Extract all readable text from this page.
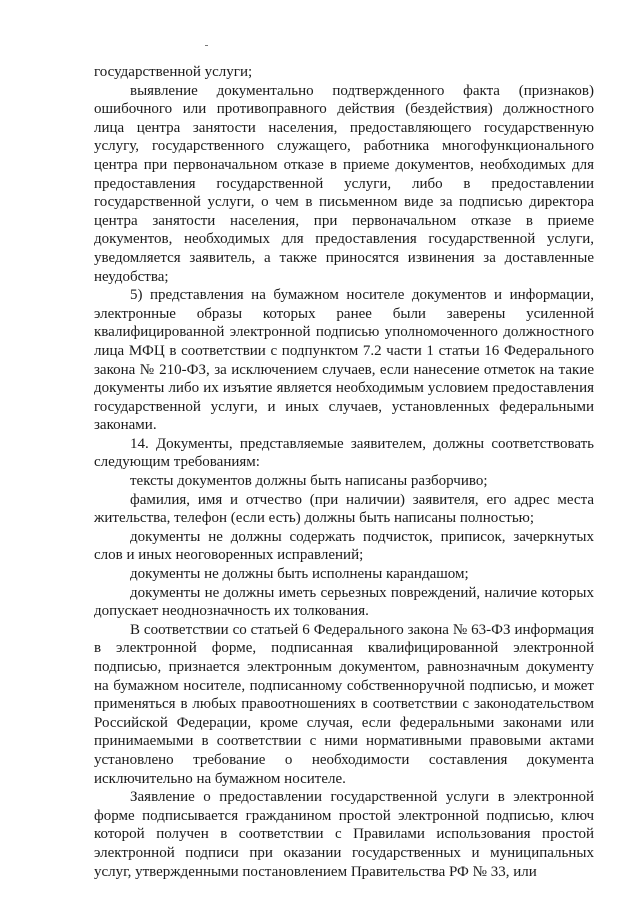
государственной услуги;

выявление документально подтвержденного факта (признаков) ошибочного или противоправного действия (бездействия) должностного лица центра занятости населения, предоставляющего государственную услугу, государственного служащего, работника многофункционального центра при первоначальном отказе в приеме документов, необходимых для предоставления государственной услуги, либо в предоставлении государственной услуги, о чем в письменном виде за подписью директора центра занятости населения, при первоначальном отказе в приеме документов, необходимых для предоставления государственной услуги, уведомляется заявитель, а также приносятся извинения за доставленные неудобства;

5) представления на бумажном носителе документов и информации, электронные образы которых ранее были заверены усиленной квалифицированной электронной подписью уполномоченного должностного лица МФЦ в соответствии с подпунктом 7.2 части 1 статьи 16 Федерального закона № 210-ФЗ, за исключением случаев, если нанесение отметок на такие документы либо их изъятие является необходимым условием предоставления государственной услуги, и иных случаев, установленных федеральными законами.

14. Документы, представляемые заявителем, должны соответствовать следующим требованиям:

тексты документов должны быть написаны разборчиво;

фамилия, имя и отчество (при наличии) заявителя, его адрес места жительства, телефон (если есть) должны быть написаны полностью;

документы не должны содержать подчисток, приписок, зачеркнутых слов и иных неоговоренных исправлений;

документы не должны быть исполнены карандашом;

документы не должны иметь серьезных повреждений, наличие которых допускает неоднозначность их толкования.

В соответствии со статьей 6 Федерального закона № 63-ФЗ информация в электронной форме, подписанная квалифицированной электронной подписью, признается электронным документом, равнозначным документу на бумажном носителе, подписанному собственноручной подписью, и может применяться в любых правоотношениях в соответствии с законодательством Российской Федерации, кроме случая, если федеральными законами или принимаемыми в соответствии с ними нормативными правовыми актами установлено требование о необходимости составления документа исключительно на бумажном носителе.

Заявление о предоставлении государственной услуги в электронной форме подписывается гражданином простой электронной подписью, ключ которой получен в соответствии с Правилами использования простой электронной подписи при оказании государственных и муниципальных услуг, утвержденными постановлением Правительства РФ № 33, или
